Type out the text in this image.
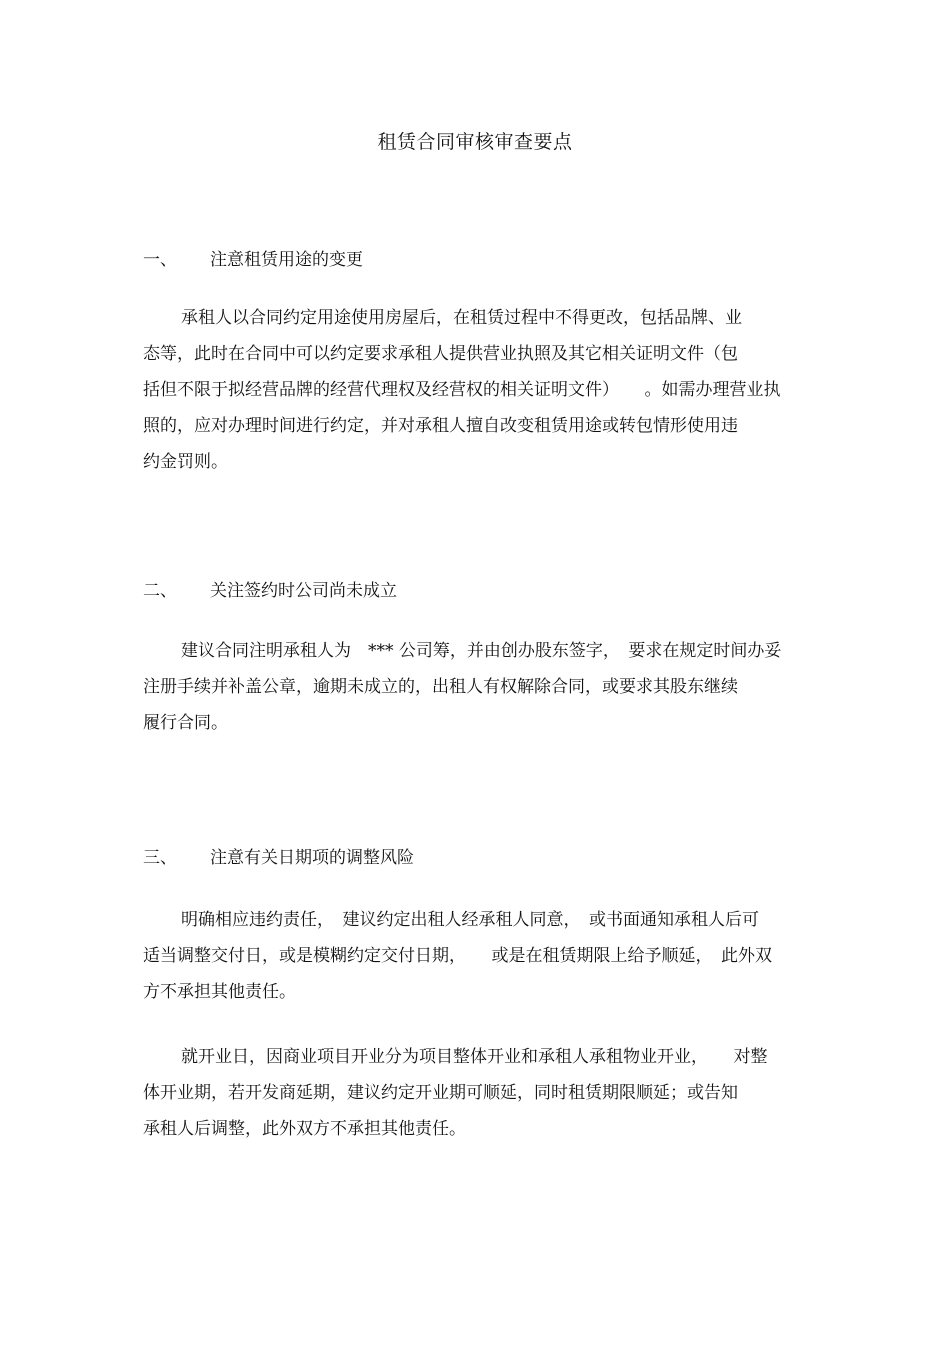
租赁合同审核审查要点
一、 注意租赁用途的变更
承租人以合同约定用途使用房屋后，在租赁过程中不得更改，包括品牌、业
态等，此时在合同中可以约定要求承租人提供营业执照及其它相关证明文件（包
括但不限于拟经营品牌的经营代理权及经营权的相关证明文件）　　。如需办理营业执
照的，应对办理时间进行约定，并对承租人擅自改变租赁用途或转包情形使用违
约金罚则。
二、 关注签约时公司尚未成立
建议合同注明承租人为　*** 公司筹，并由创办股东签字，　要求在规定时间办妥
注册手续并补盖公章，逾期未成立的，出租人有权解除合同，或要求其股东继续
履行合同。
三、 注意有关日期项的调整风险
明确相应违约责任，　建议约定出租人经承租人同意，　或书面通知承租人后可
适当调整交付日，或是模糊约定交付日期，　　或是在租赁期限上给予顺延，　此外双
方不承担其他责任。
就开业日，因商业项目开业分为项目整体开业和承租人承租物业开业，　　对整
体开业期，若开发商延期，建议约定开业期可顺延，同时租赁期限顺延；或告知
承租人后调整，此外双方不承担其他责任。
